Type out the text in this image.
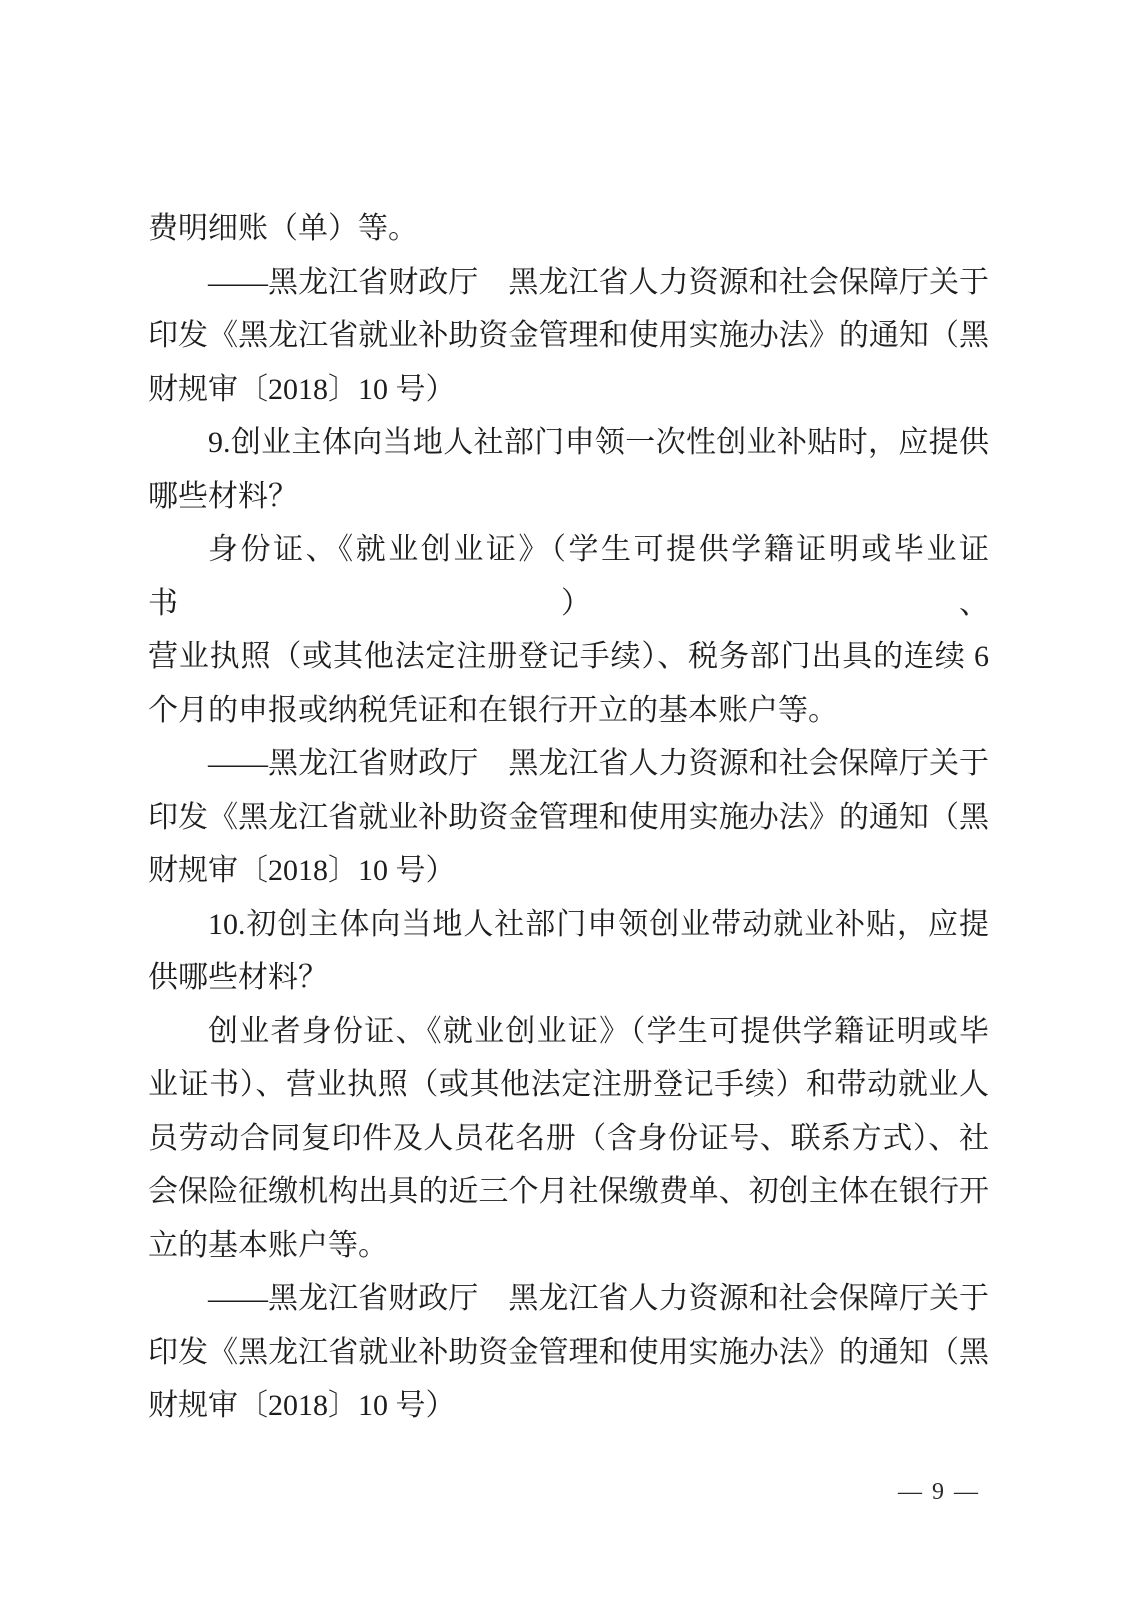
费明细账（单）等。
——黑龙江省财政厅　黑龙江省人力资源和社会保障厅关于
印发《黑龙江省就业补助资金管理和使用实施办法》的通知（黑
财规审〔2018〕10 号）
9.创业主体向当地人社部门申领一次性创业补贴时，应提供
哪些材料？
身份证、《就业创业证》（学生可提供学籍证明或毕业证书）、
营业执照（或其他法定注册登记手续）、税务部门出具的连续 6
个月的申报或纳税凭证和在银行开立的基本账户等。
——黑龙江省财政厅　黑龙江省人力资源和社会保障厅关于
印发《黑龙江省就业补助资金管理和使用实施办法》的通知（黑
财规审〔2018〕10 号）
10.初创主体向当地人社部门申领创业带动就业补贴，应提
供哪些材料？
创业者身份证、《就业创业证》（学生可提供学籍证明或毕
业证书）、营业执照（或其他法定注册登记手续）和带动就业人
员劳动合同复印件及人员花名册（含身份证号、联系方式）、社
会保险征缴机构出具的近三个月社保缴费单、初创主体在银行开
立的基本账户等。
——黑龙江省财政厅　黑龙江省人力资源和社会保障厅关于
印发《黑龙江省就业补助资金管理和使用实施办法》的通知（黑
财规审〔2018〕10 号）
— 9 —
